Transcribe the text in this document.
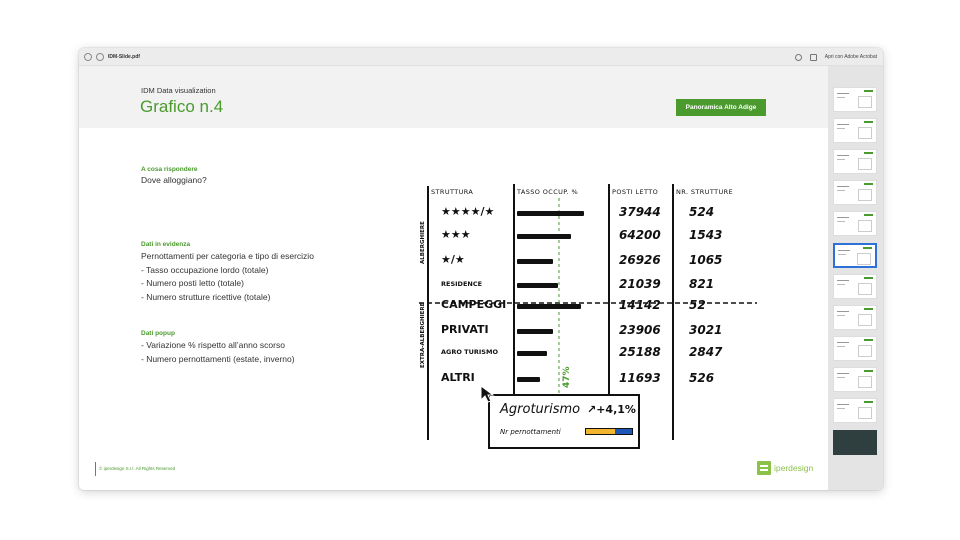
IDM-Slide.pdf	Apri con Adobe Acrobat
IDM Data visualization
Grafico n.4	Panoramica Alto Adige
A cosa rispondere
Dove alloggiano?
Dati in evidenza
Pernottamenti per categoria e tipo di esercizio
- Tasso occupazione lordo (totale)
- Numero posti letto (totale)
- Numero strutture ricettive (totale)
Dati popup
- Variazione % rispetto all’anno scorso
- Numero pernottamenti (estate, inverno)
© iperdesign S.r.l. All Rights Reserved	iperdesign
STRUTTURA	TASSO OCCUP. %	POSTI LETTO	NR. STRUTTURE
ALBERGHIERE
EXTRA-ALBERGHIERE
47%
★★★★/★	37944 524
★★★	64200 1543
★/★	26926 1065
RESIDENCE	21039 821
CAMPEGGI	14142 52
PRIVATI	23906 3021
AGRO TURISMO	25188 2847
ALTRI	11693 526
Agroturismo ↗+4,1%
Nr pernottamenti
